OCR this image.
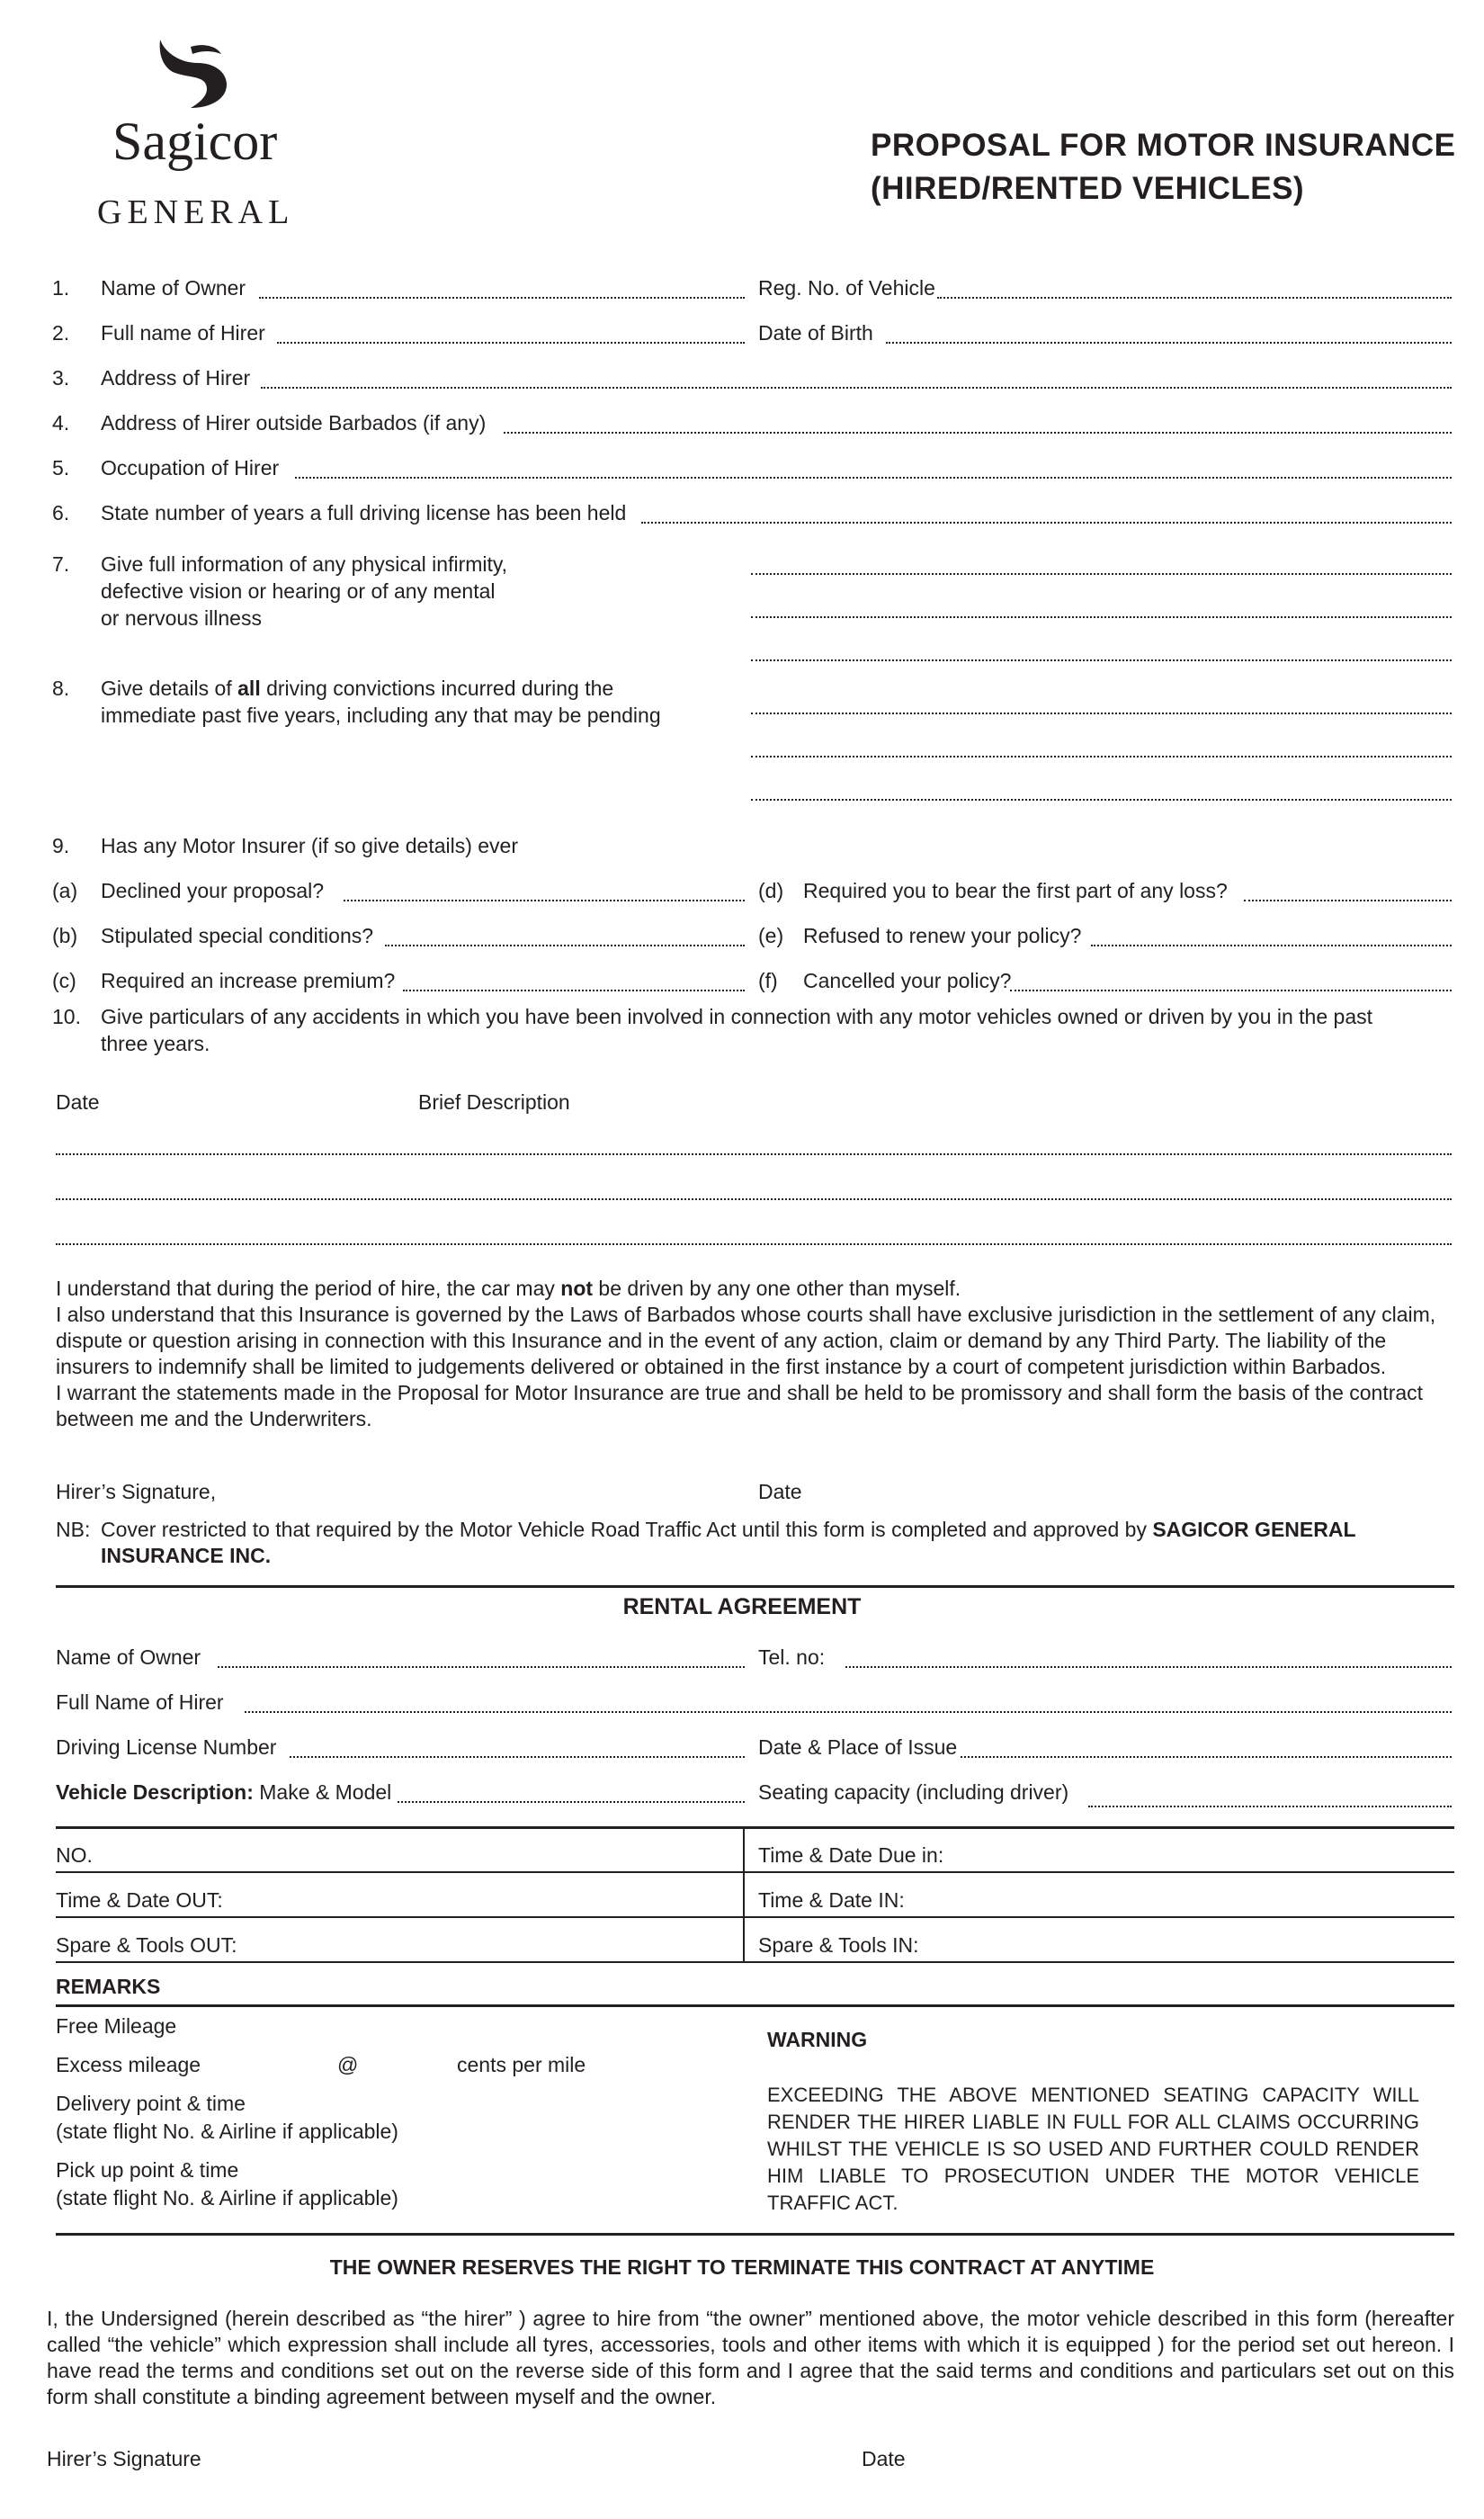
Sagicor
GENERAL
PROPOSAL FOR MOTOR INSURANCE
(HIRED/RENTED VEHICLES)
1. Name of Owner	Reg. No. of Vehicle
2. Full name of Hirer	Date of Birth
3. Address of Hirer
4. Address of Hirer outside Barbados (if any)
5. Occupation of Hirer
6. State number of years a full driving license has been held
7. Give full information of any physical infirmity,
defective vision or hearing or of any mental
or nervous illness
8. Give details of all driving convictions incurred during the
immediate past five years, including any that may be pending
9. Has any Motor Insurer (if so give details) ever
(a) Declined your proposal?	(d) Required you to bear the first part of any loss?
(b) Stipulated special conditions?	(e) Refused to renew your policy?
(c) Required an increase premium?	(f) Cancelled your policy?
10. Give particulars of any accidents in which you have been involved in connection with any motor vehicles owned or driven by you in the past
three years.
Date	Brief Description
I understand that during the period of hire, the car may not be driven by any one other than myself.
I also understand that this Insurance is governed by the Laws of Barbados whose courts shall have exclusive jurisdiction in the settlement of any claim, dispute or question arising in connection with this Insurance and in the event of any action, claim or demand by any Third Party. The liability of the insurers to indemnify shall be limited to judgements delivered or obtained in the first instance by a court of competent jurisdiction within Barbados.
I warrant the statements made in the Proposal for Motor Insurance are true and shall be held to be promissory and shall form the basis of the contract between me and the Underwriters.
Hirer’s Signature,	Date
NB: Cover restricted to that required by the Motor Vehicle Road Traffic Act until this form is completed and approved by SAGICOR GENERAL
INSURANCE INC.
RENTAL AGREEMENT
Name of Owner	Tel. no:
Full Name of Hirer
Driving License Number	Date & Place of Issue
Vehicle Description: Make & Model	Seating capacity (including driver)
NO.	Time & Date Due in:
Time & Date OUT:	Time & Date IN:
Spare & Tools OUT:	Spare & Tools IN:
REMARKS
Free Mileage
Excess mileage	@	cents per mile
Delivery point & time
(state flight No. & Airline if applicable)
Pick up point & time
(state flight No. & Airline if applicable)
WARNING
EXCEEDING THE ABOVE MENTIONED SEATING CAPACITY WILL RENDER THE HIRER LIABLE IN FULL FOR ALL CLAIMS OCCURRING WHILST THE VEHICLE IS SO USED AND FURTHER COULD RENDER HIM LIABLE TO PROSECUTION UNDER THE MOTOR VEHICLE TRAFFIC ACT.
THE OWNER RESERVES THE RIGHT TO TERMINATE THIS CONTRACT AT ANYTIME
I, the Undersigned (herein described as “the hirer” ) agree to hire from “the owner” mentioned above, the motor vehicle described in this form (hereafter called “the vehicle” which expression shall include all tyres, accessories, tools and other items with which it is equipped ) for the period set out hereon. I have read the terms and conditions set out on the reverse side of this form and I agree that the said terms and conditions and particulars set out on this form shall constitute a binding agreement between myself and the owner.
Hirer’s Signature	Date
